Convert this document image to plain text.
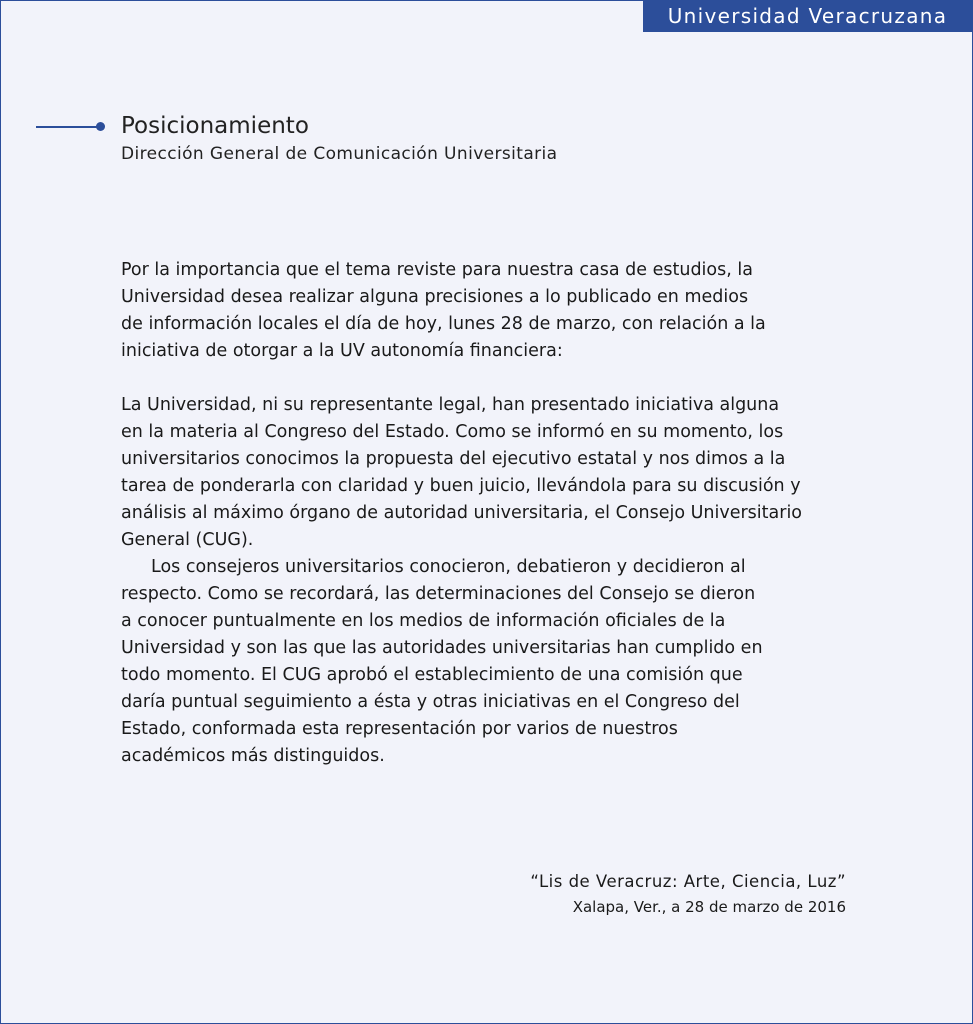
Universidad Veracruzana
Posicionamiento
Dirección General de Comunicación Universitaria
Por la importancia que el tema reviste para nuestra casa de estudios, la
Universidad desea realizar alguna precisiones a lo publicado en medios
de información locales el día de hoy, lunes 28 de marzo, con relación a la
iniciativa de otorgar a la UV autonomía financiera:
La Universidad, ni su representante legal, han presentado iniciativa alguna
en la materia al Congreso del Estado. Como se informó en su momento, los
universitarios conocimos la propuesta del ejecutivo estatal y nos dimos a la
tarea de ponderarla con claridad y buen juicio, llevándola para su discusión y
análisis al máximo órgano de autoridad universitaria, el Consejo Universitario
General (CUG).
Los consejeros universitarios conocieron, debatieron y decidieron al
respecto. Como se recordará, las determinaciones del Consejo se dieron
a conocer puntualmente en los medios de información oficiales de la
Universidad y son las que las autoridades universitarias han cumplido en
todo momento. El CUG aprobó el establecimiento de una comisión que
daría puntual seguimiento a ésta y otras iniciativas en el Congreso del
Estado, conformada esta representación por varios de nuestros
académicos más distinguidos.
“Lis de Veracruz: Arte, Ciencia, Luz”
Xalapa, Ver., a 28 de marzo de 2016
